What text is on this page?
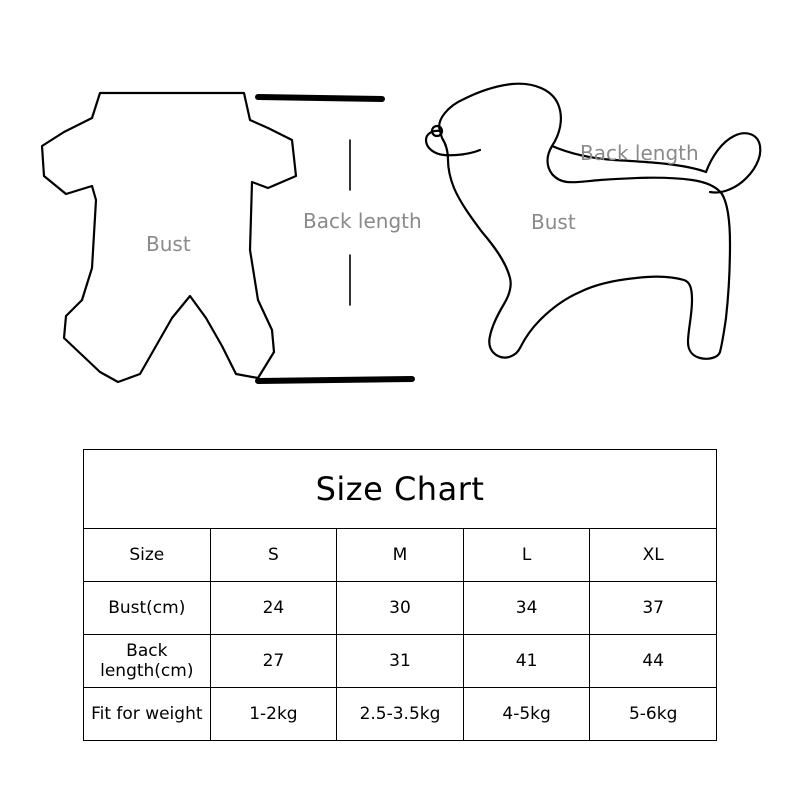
Bust
Back length	Bust
Back length
Size Chart				
Size	S	M	L	XL
Bust(cm)	24	30	34	37
Back length(cm)	27	31	41	44
Fit for weight	1-2kg	2.5-3.5kg	4-5kg	5-6kg
